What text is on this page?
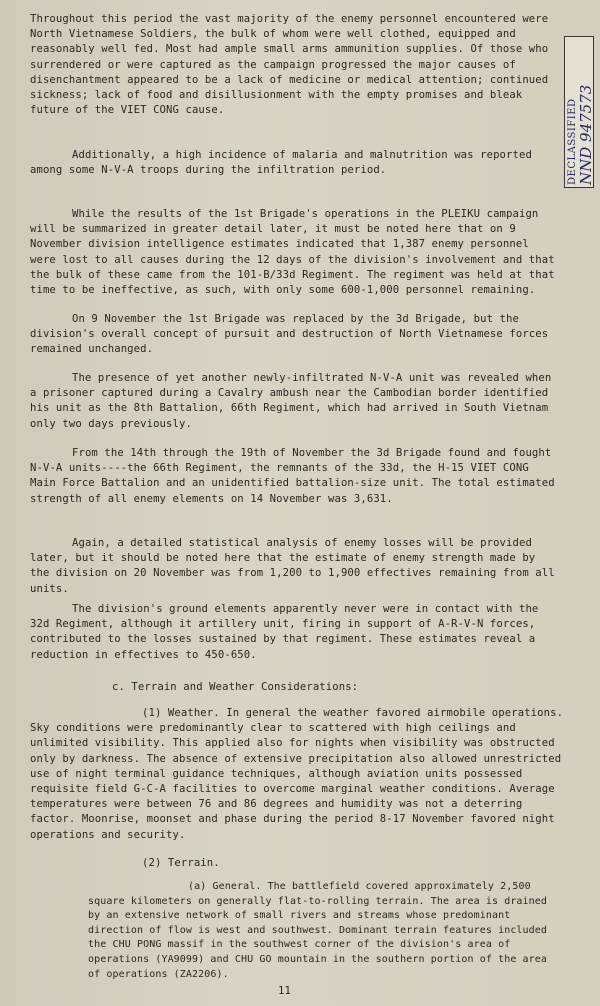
DECLASSIFIED NND 947573

Throughout this period the vast majority of the enemy personnel encountered were North Vietnamese Soldiers, the bulk of whom were well clothed, equipped and reasonably well fed. Most had ample small arms ammunition supplies. Of those who surrendered or were captured as the campaign progressed the major causes of disenchantment appeared to be a lack of medicine or medical attention; continued sickness; lack of food and disillusionment with the empty promises and bleak future of the VIET CONG cause.

Additionally, a high incidence of malaria and malnutrition was reported among some N-V-A troops during the infiltration period.

While the results of the 1st Brigade's operations in the PLEIKU campaign will be summarized in greater detail later, it must be noted here that on 9 November division intelligence estimates indicated that 1,387 enemy personnel were lost to all causes during the 12 days of the division's involvement and that the bulk of these came from the 101-B/33d Regiment. The regiment was held at that time to be ineffective, as such, with only some 600-1,000 personnel remaining.

On 9 November the 1st Brigade was replaced by the 3d Brigade, but the division's overall concept of pursuit and destruction of North Vietnamese forces remained unchanged.

The presence of yet another newly-infiltrated N-V-A unit was revealed when a prisoner captured during a Cavalry ambush near the Cambodian border identified his unit as the 8th Battalion, 66th Regiment, which had arrived in South Vietnam only two days previously.

From the 14th through the 19th of November the 3d Brigade found and fought N-V-A units----the 66th Regiment, the remnants of the 33d, the H-15 VIET CONG Main Force Battalion and an unidentified battalion-size unit. The total estimated strength of all enemy elements on 14 November was 3,631.

Again, a detailed statistical analysis of enemy losses will be provided later, but it should be noted here that the estimate of enemy strength made by the division on 20 November was from 1,200 to 1,900 effectives remaining from all units.

The division's ground elements apparently never were in contact with the 32d Regiment, although it artillery unit, firing in support of A-R-V-N forces, contributed to the losses sustained by that regiment. These estimates reveal a reduction in effectives to 450-650.

c. Terrain and Weather Considerations:

(1) Weather. In general the weather favored airmobile operations. Sky conditions were predominantly clear to scattered with high ceilings and unlimited visibility. This applied also for nights when visibility was obstructed only by darkness. The absence of extensive precipitation also allowed unrestricted use of night terminal guidance techniques, although aviation units possessed requisite field G-C-A facilities to overcome marginal weather conditions. Average temperatures were between 76 and 86 degrees and humidity was not a deterring factor. Moonrise, moonset and phase during the period 8-17 November favored night operations and security.

(2) Terrain.

(a) General. The battlefield covered approximately 2,500 square kilometers on generally flat-to-rolling terrain. The area is drained by an extensive network of small rivers and streams whose predominant direction of flow is west and southwest. Dominant terrain features included the CHU PONG massif in the southwest corner of the division's area of operations (YA9099) and CHU GO mountain in the southern portion of the area of operations (ZA2206).

11
